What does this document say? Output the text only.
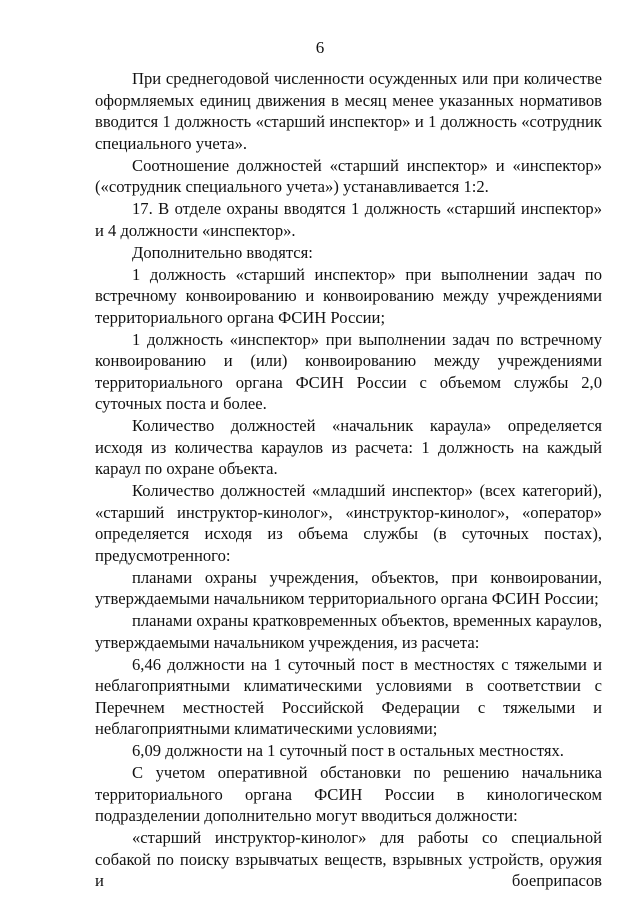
6

При среднегодовой численности осужденных или при количестве оформляемых единиц движения в месяц менее указанных нормативов вводится 1 должность «старший инспектор» и 1 должность «сотрудник специального учета».

Соотношение должностей «старший инспектор» и «инспектор» («сотрудник специального учета») устанавливается 1:2.

17. В отделе охраны вводятся 1 должность «старший инспектор» и 4 должности «инспектор».

Дополнительно вводятся:

1 должность «старший инспектор» при выполнении задач по встречному конвоированию и конвоированию между учреждениями территориального органа ФСИН России;

1 должность «инспектор» при выполнении задач по встречному конвоированию и (или) конвоированию между учреждениями территориального органа ФСИН России с объемом службы 2,0 суточных поста и более.

Количество должностей «начальник караула» определяется исходя из количества караулов из расчета: 1 должность на каждый караул по охране объекта.

Количество должностей «младший инспектор» (всех категорий), «старший инструктор-кинолог», «инструктор-кинолог», «оператор» определяется исходя из объема службы (в суточных постах), предусмотренного:

планами охраны учреждения, объектов, при конвоировании, утверждаемыми начальником территориального органа ФСИН России;

планами охраны кратковременных объектов, временных караулов, утверждаемыми начальником учреждения, из расчета:

6,46 должности на 1 суточный пост в местностях с тяжелыми и неблагоприятными климатическими условиями в соответствии с Перечнем местностей Российской Федерации с тяжелыми и неблагоприятными климатическими условиями;

6,09 должности на 1 суточный пост в остальных местностях.

С учетом оперативной обстановки по решению начальника территориального органа ФСИН России в кинологическом подразделении дополнительно могут вводиться должности:

«старший инструктор-кинолог» для работы со специальной собакой по поиску взрывчатых веществ, взрывных устройств, оружия и боеприпасов
